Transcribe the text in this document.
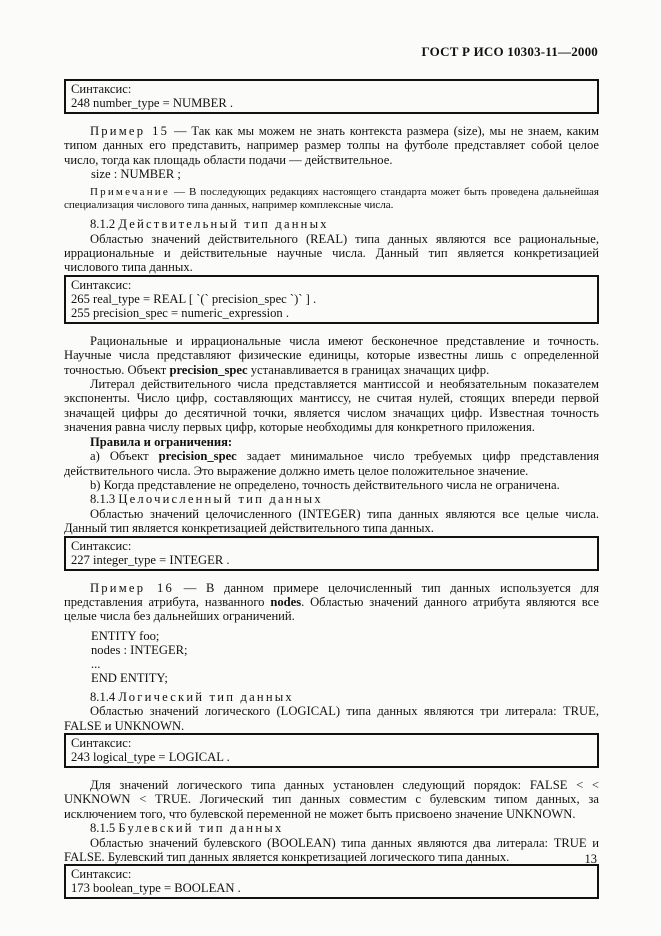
ГОСТ Р ИСО 10303-11—2000
Синтаксис:
248 number_type = NUMBER .

Пример 15 — Так как мы можем не знать контекста размера (size), мы не знаем, каким типом данных его представить, например размер толпы на футболе представляет собой целое число, тогда как площадь области подачи — действительное.

size : NUMBER ;

Примечание — В последующих редакциях настоящего стандарта может быть проведена дальнейшая специализация числового типа данных, например комплексные числа.

8.1.2 Действительный тип данных

Областью значений действительного (REAL) типа данных являются все рациональные, иррациональные и действительные научные числа. Данный тип является конкретизацией числового типа данных.

Синтаксис:
265 real_type = REAL [ `(` precision_spec `)` ] .
255 precision_spec = numeric_expression .

Рациональные и иррациональные числа имеют бесконечное представление и точность. Научные числа представляют физические единицы, которые известны лишь с определенной точностью. Объект precision_spec устанавливается в границах значащих цифр.

Литерал действительного числа представляется мантиссой и необязательным показателем экспоненты. Число цифр, составляющих мантиссу, не считая нулей, стоящих впереди первой значащей цифры до десятичной точки, является числом значащих цифр. Известная точность значения равна числу первых цифр, которые необходимы для конкретного приложения.

Правила и ограничения:

a) Объект precision_spec задает минимальное число требуемых цифр представления действительного числа. Это выражение должно иметь целое положительное значение.

b) Когда представление не определено, точность действительного числа не ограничена.

8.1.3 Целочисленный тип данных

Областью значений целочисленного (INTEGER) типа данных являются все целые числа. Данный тип является конкретизацией действительного типа данных.

Синтаксис:
227 integer_type = INTEGER .

Пример 16 — В данном примере целочисленный тип данных используется для представления атрибута, названного nodes. Областью значений данного атрибута являются все целые числа без дальнейших ограничений.

ENTITY foo;
nodes : INTEGER;
...
END ENTITY;

8.1.4 Логический тип данных

Областью значений логического (LOGICAL) типа данных являются три литерала: TRUE, FALSE и UNKNOWN.

Синтаксис:
243 logical_type = LOGICAL .

Для значений логического типа данных установлен следующий порядок: FALSE < < UNKNOWN < TRUE. Логический тип данных совместим с булевским типом данных, за исключением того, что булевской переменной не может быть присвоено значение UNKNOWN.

8.1.5 Булевский тип данных

Областью значений булевского (BOOLEAN) типа данных являются два литерала: TRUE и FALSE. Булевский тип данных является конкретизацией логического типа данных.

Синтаксис:
173 boolean_type = BOOLEAN .
13
